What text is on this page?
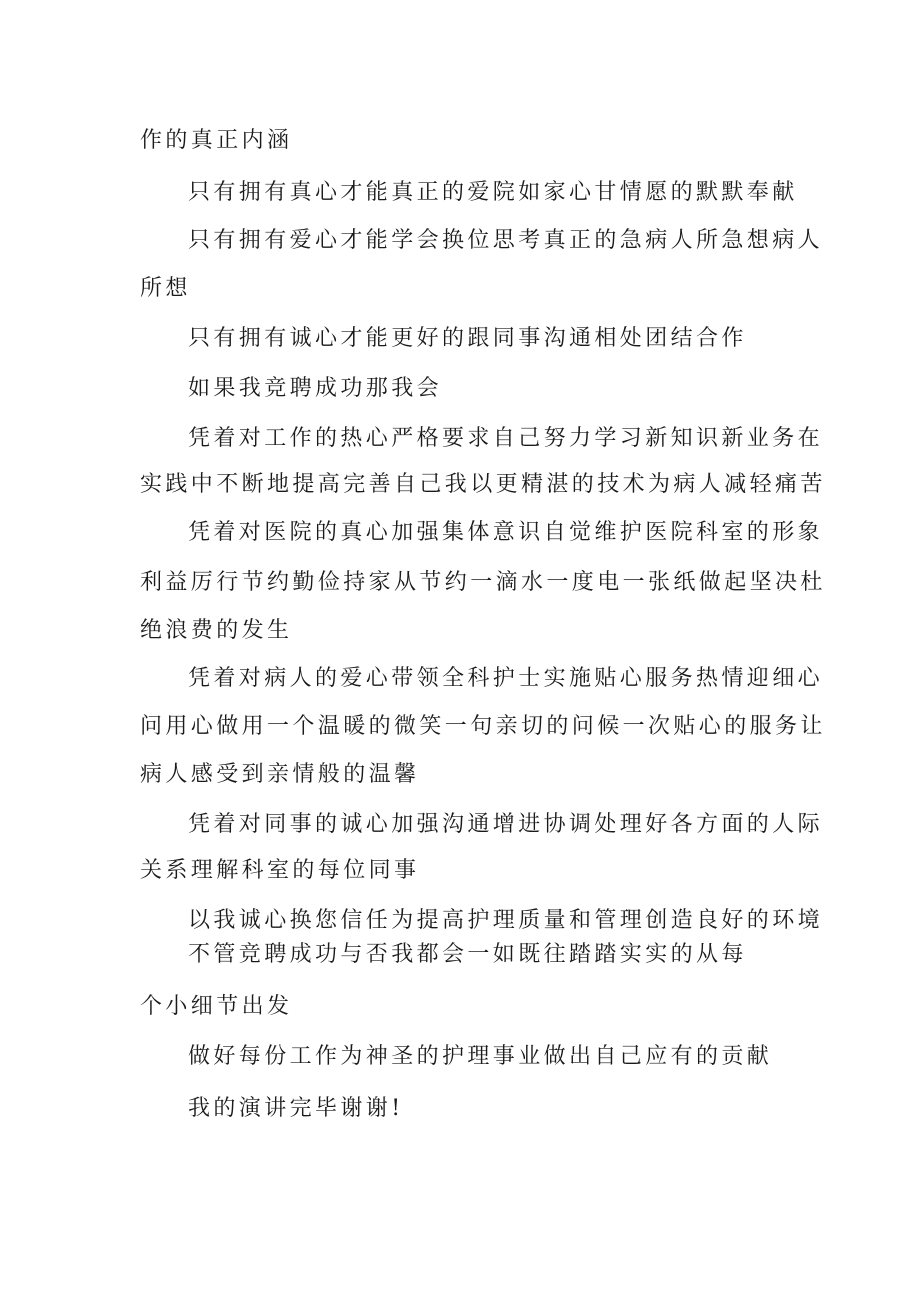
作的真正内涵
只有拥有真心才能真正的爱院如家心甘情愿的默默奉献
只有拥有爱心才能学会换位思考真正的急病人所急想病人
所想
只有拥有诚心才能更好的跟同事沟通相处团结合作
如果我竞聘成功那我会
凭着对工作的热心严格要求自己努力学习新知识新业务在
实践中不断地提高完善自己我以更精湛的技术为病人减轻痛苦
凭着对医院的真心加强集体意识自觉维护医院科室的形象
利益厉行节约勤俭持家从节约一滴水一度电一张纸做起坚决杜
绝浪费的发生
凭着对病人的爱心带领全科护士实施贴心服务热情迎细心
问用心做用一个温暖的微笑一句亲切的问候一次贴心的服务让
病人感受到亲情般的温馨
凭着对同事的诚心加强沟通增进协调处理好各方面的人际
关系理解科室的每位同事
以我诚心换您信任为提高护理质量和管理创造良好的环境
不管竞聘成功与否我都会一如既往踏踏实实的从每
个小细节出发
做好每份工作为神圣的护理事业做出自己应有的贡献
我的演讲完毕谢谢!
